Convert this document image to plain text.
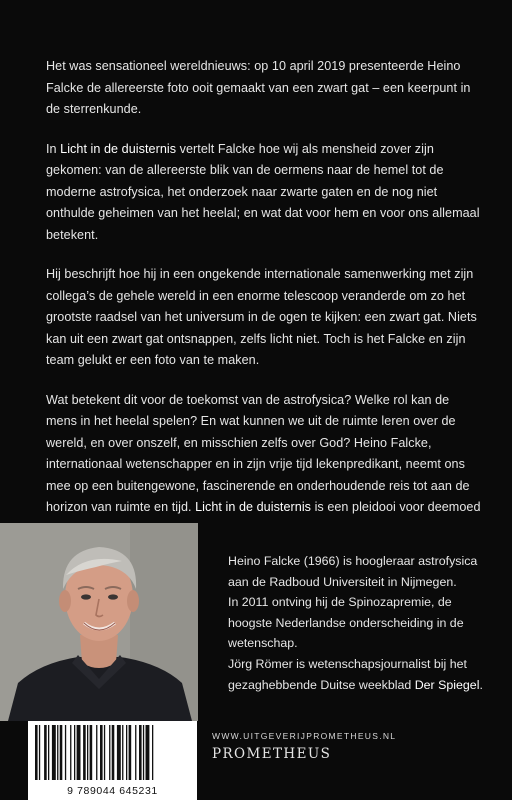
Het was sensationeel wereldnieuws: op 10 april 2019 presenteerde Heino Falcke de allereerste foto ooit gemaakt van een zwart gat – een keerpunt in de sterrenkunde.

In Licht in de duisternis vertelt Falcke hoe wij als mensheid zover zijn gekomen: van de allereerste blik van de oermens naar de hemel tot de moderne astrofysica, het onderzoek naar zwarte gaten en de nog niet onthulde geheimen van het heelal; en wat dat voor hem en voor ons allemaal betekent.

Hij beschrijft hoe hij in een ongekende internationale samenwerking met zijn collega’s de gehele wereld in een enorme telescoop veranderde om zo het grootste raadsel van het universum in de ogen te kijken: een zwart gat. Niets kan uit een zwart gat ontsnappen, zelfs licht niet. Toch is het Falcke en zijn team gelukt er een foto van te maken.

Wat betekent dit voor de toekomst van de astrofysica? Welke rol kan de mens in het heelal spelen? En wat kunnen we uit de ruimte leren over de wereld, en over onszelf, en misschien zelfs over God? Heino Falcke, internationaal wetenschapper en in zijn vrije tijd lekenpredikant, neemt ons mee op een buitengewone, fascinerende en onderhoudende reis tot aan de horizon van ruimte en tijd. Licht in de duisternis is een pleidooi voor deemoed

Heino Falcke (1966) is hoogleraar astrofysica aan de Radboud Universiteit in Nijmegen.

In 2011 ontving hij de Spinozapremie, de hoogste Nederlandse onderscheiding in de wetenschap.

Jörg Römer is wetenschapsjournalist bij het gezaghebbende Duitse weekblad Der Spiegel.

9 789044 645231
WWW.UITGEVERIJPROMETHEUS.NL
PROMETHEUS
